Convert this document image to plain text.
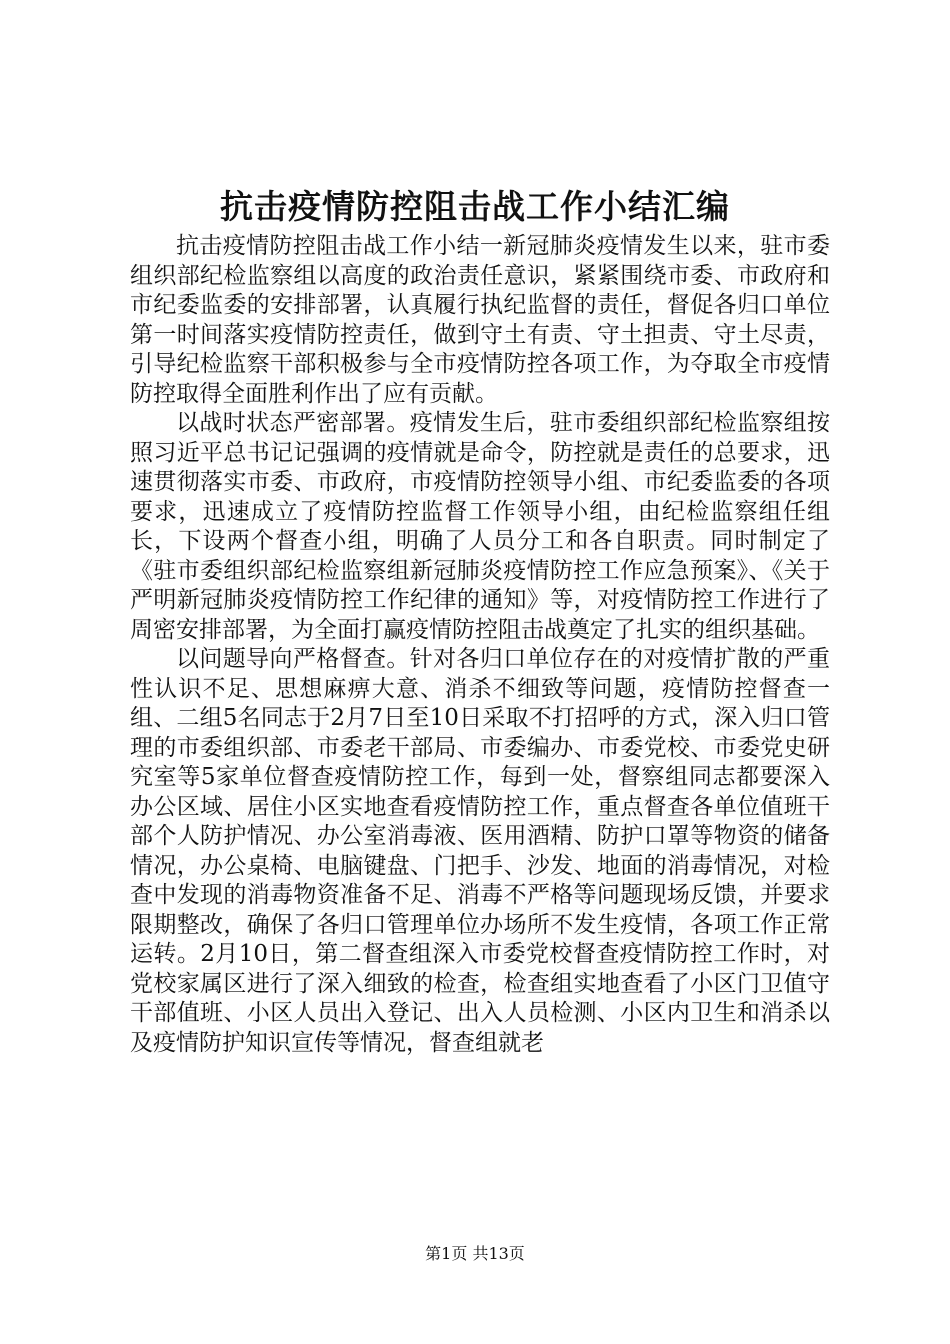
抗击疫情防控阻击战工作小结汇编

抗击疫情防控阻击战工作小结一新冠肺炎疫情发生以来，驻市委组织部纪检监察组以高度的政治责任意识，紧紧围绕市委、市政府和市纪委监委的安排部署，认真履行执纪监督的责任，督促各归口单位第一时间落实疫情防控责任，做到守土有责、守土担责、守土尽责，引导纪检监察干部积极参与全市疫情防控各项工作，为夺取全市疫情防控取得全面胜利作出了应有贡献。

以战时状态严密部署。疫情发生后，驻市委组织部纪检监察组按照习近平总书记记强调的疫情就是命令，防控就是责任的总要求，迅速贯彻落实市委、市政府，市疫情防控领导小组、市纪委监委的各项要求，迅速成立了疫情防控监督工作领导小组，由纪检监察组任组长，下设两个督查小组，明确了人员分工和各自职责。同时制定了《驻市委组织部纪检监察组新冠肺炎疫情防控工作应急预案》、《关于严明新冠肺炎疫情防控工作纪律的通知》等，对疫情防控工作进行了周密安排部署，为全面打赢疫情防控阻击战奠定了扎实的组织基础。

以问题导向严格督查。针对各归口单位存在的对疫情扩散的严重性认识不足、思想麻痹大意、消杀不细致等问题，疫情防控督查一组、二组5名同志于2月7日至10日采取不打招呼的方式，深入归口管理的市委组织部、市委老干部局、市委编办、市委党校、市委党史研究室等5家单位督查疫情防控工作，每到一处，督察组同志都要深入办公区域、居住小区实地查看疫情防控工作，重点督查各单位值班干部个人防护情况、办公室消毒液、医用酒精、防护口罩等物资的储备情况，办公桌椅、电脑键盘、门把手、沙发、地面的消毒情况，对检查中发现的消毒物资准备不足、消毒不严格等问题现场反馈，并要求限期整改，确保了各归口管理单位办场所不发生疫情，各项工作正常运转。2月10日，第二督查组深入市委党校督查疫情防控工作时，对党校家属区进行了深入细致的检查，检查组实地查看了小区门卫值守干部值班、小区人员出入登记、出入人员检测、小区内卫生和消杀以及疫情防护知识宣传等情况，督查组就老

第1页 共13页
